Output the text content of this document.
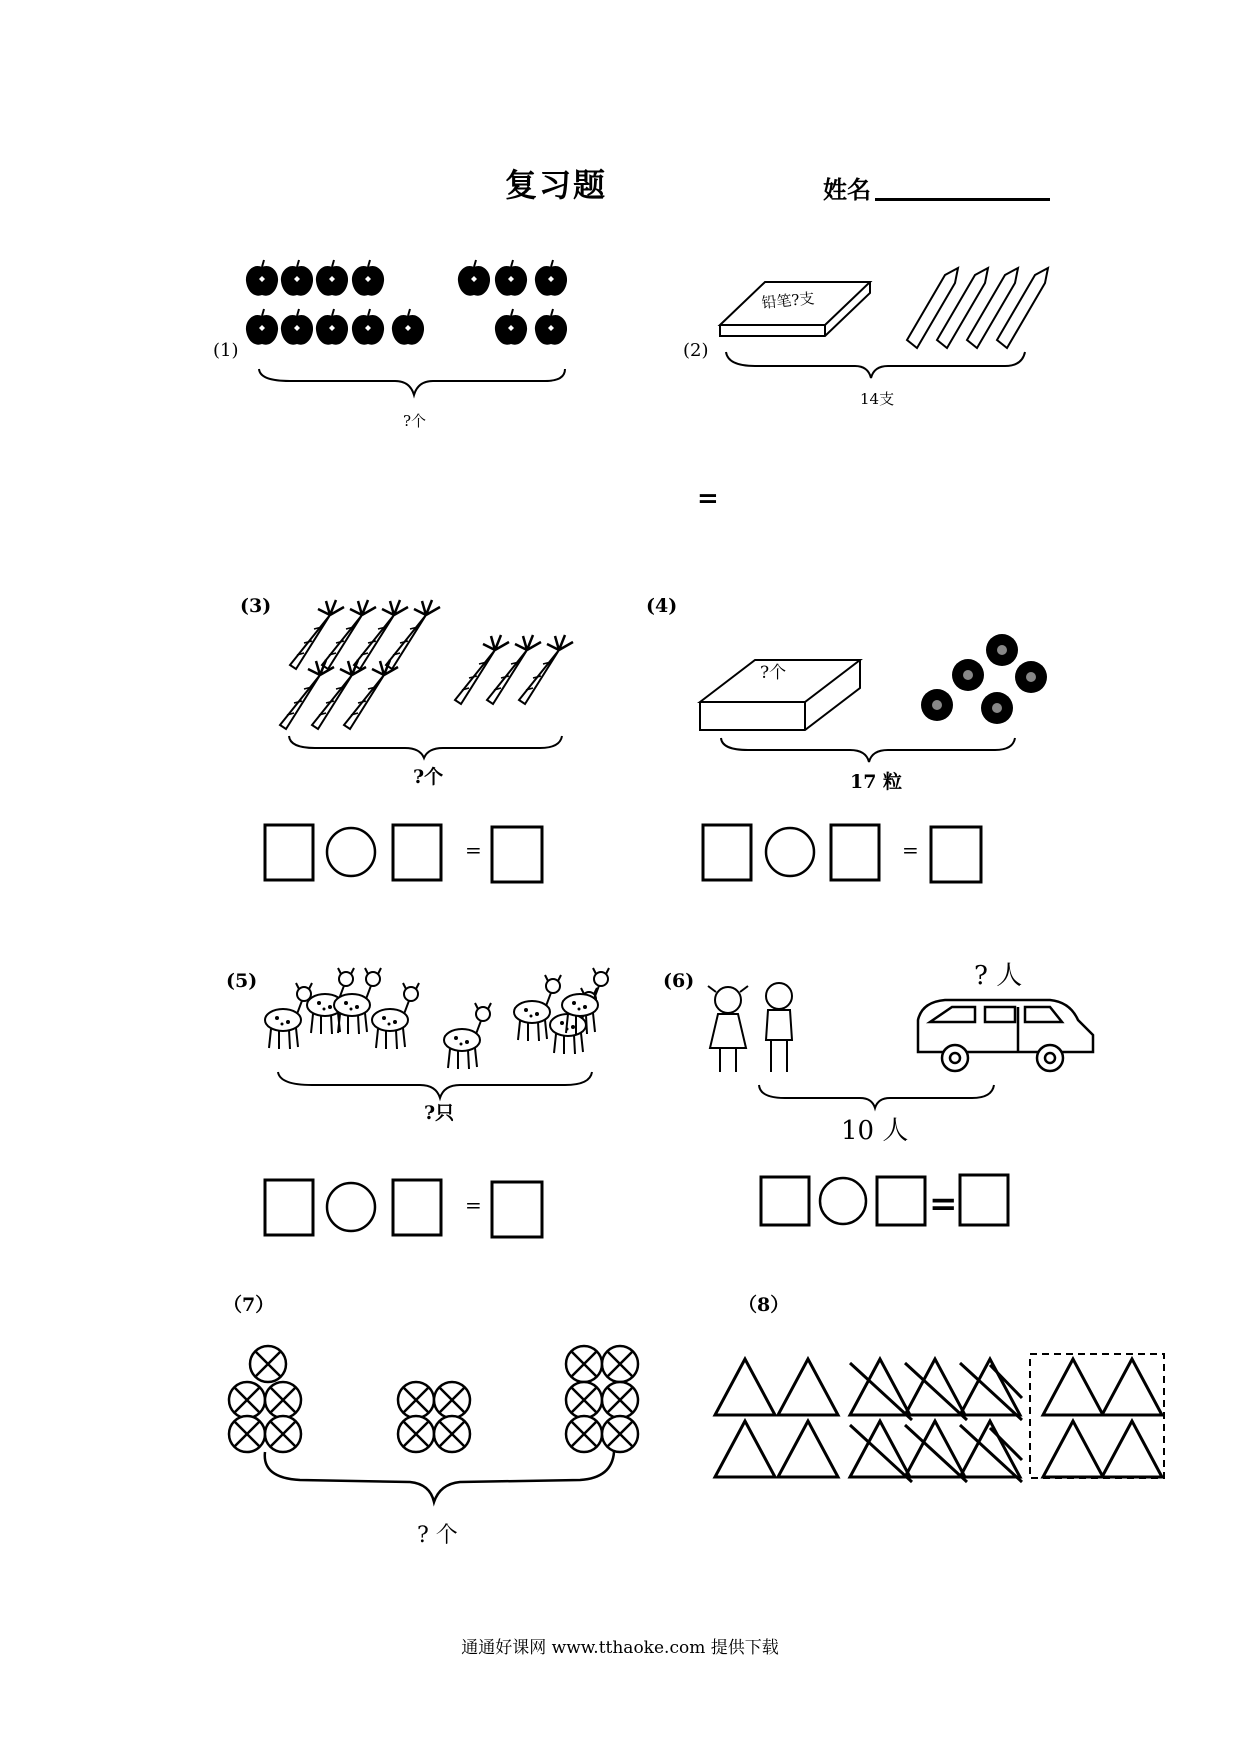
复习题	姓名
(1)
?个
(2)
14支
=
(3)
?个
(4)
17 粒
(5)
?只
(6)	? 人
10 人
（7）
? 个
（8）
铅笔?支
?个
=	=
=	=
通通好课网 www.tthaoke.com 提供下载
